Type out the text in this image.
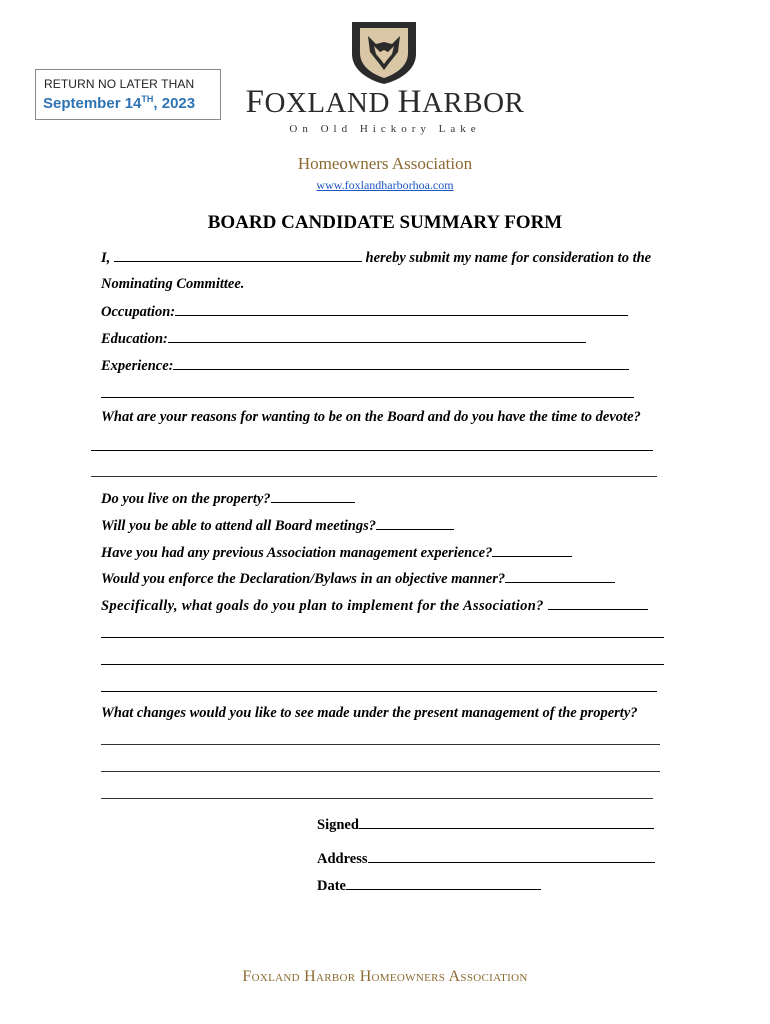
RETURN NO LATER THAN
September 14TH, 2023	FOXLAND HARBOR
On Old Hickory Lake
Homeowners Association
www.foxlandharborhoa.com
BOARD CANDIDATE SUMMARY FORM
I,	hereby submit my name for consideration to the
Nominating Committee.
Occupation:
Education:
Experience:
What are your reasons for wanting to be on the Board and do you have the time to devote?
Do you live on the property?
Will you be able to attend all Board meetings?
Have you had any previous Association management experience?
Would you enforce the Declaration/Bylaws in an objective manner?
Specifically, what goals do you plan to implement for the Association?
What changes would you like to see made under the present management of the property?
Signed
Address
Date
Foxland Harbor Homeowners Association
